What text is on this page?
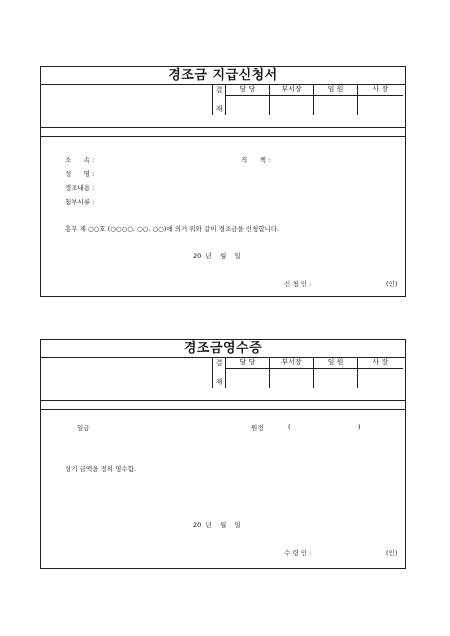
경조금 지급신청서
결	담 당	부서장	임 원	사 장
재				
소      속 :	직      책 :
성      명 :
경조내용 :
첨부서류 :
흥무 제 ○○호 (○○○○. ○○. ○○)에 의거 위와 같이 경조금을 신청합니다.
20  년    월    일
신 청 인 :	(인)
경조금영수증
결	담 당	부서장	임 원	사 장
재				
일금	원정	(	)
상기 금액을 정히 영수함.
20  년    월    일
수 령 인 :	(인)
